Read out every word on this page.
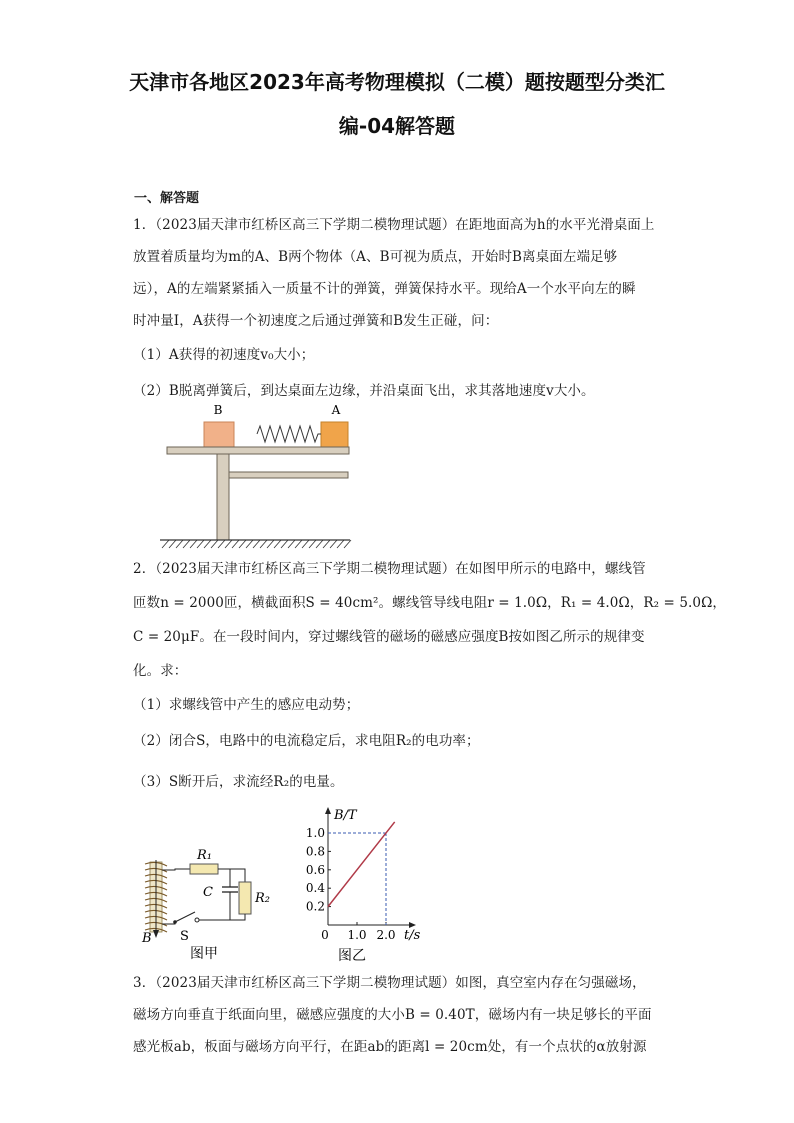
天津市各地区2023年高考物理模拟（二模）题按题型分类汇
编-04解答题
一、解答题
1．（2023届天津市红桥区高三下学期二模物理试题）在距地面高为h的水平光滑桌面上
放置着质量均为m的A、B两个物体（A、B可视为质点，开始时B离桌面左端足够
远），A的左端紧紧插入一质量不计的弹簧，弹簧保持水平。现给A一个水平向左的瞬
时冲量I，A获得一个初速度之后通过弹簧和B发生正碰，问：
（1）A获得的初速度v₀大小；
（2）B脱离弹簧后，到达桌面左边缘，并沿桌面飞出，求其落地速度v大小。
B	A
2．（2023届天津市红桥区高三下学期二模物理试题）在如图甲所示的电路中，螺线管
匝数n = 2000匝，横截面积S = 40cm²。螺线管导线电阻r = 1.0Ω，R₁ = 4.0Ω，R₂ = 5.0Ω，
C = 20μF。在一段时间内，穿过螺线管的磁场的磁感应强度B按如图乙所示的规律变
化。求：
（1）求螺线管中产生的感应电动势；
（2）闭合S，电路中的电流稳定后，求电阻R₂的电功率；
（3）S断开后，求流经R₂的电量。
R₁
C	R₂
S
B
图甲
B/T
t/s
0.2
0.4
0.6
0.8
1.0
1.0 2.0
0
图乙
3．（2023届天津市红桥区高三下学期二模物理试题）如图，真空室内存在匀强磁场，
磁场方向垂直于纸面向里，磁感应强度的大小B = 0.40T，磁场内有一块足够长的平面
感光板ab，板面与磁场方向平行，在距ab的距离l = 20cm处，有一个点状的α放射源
